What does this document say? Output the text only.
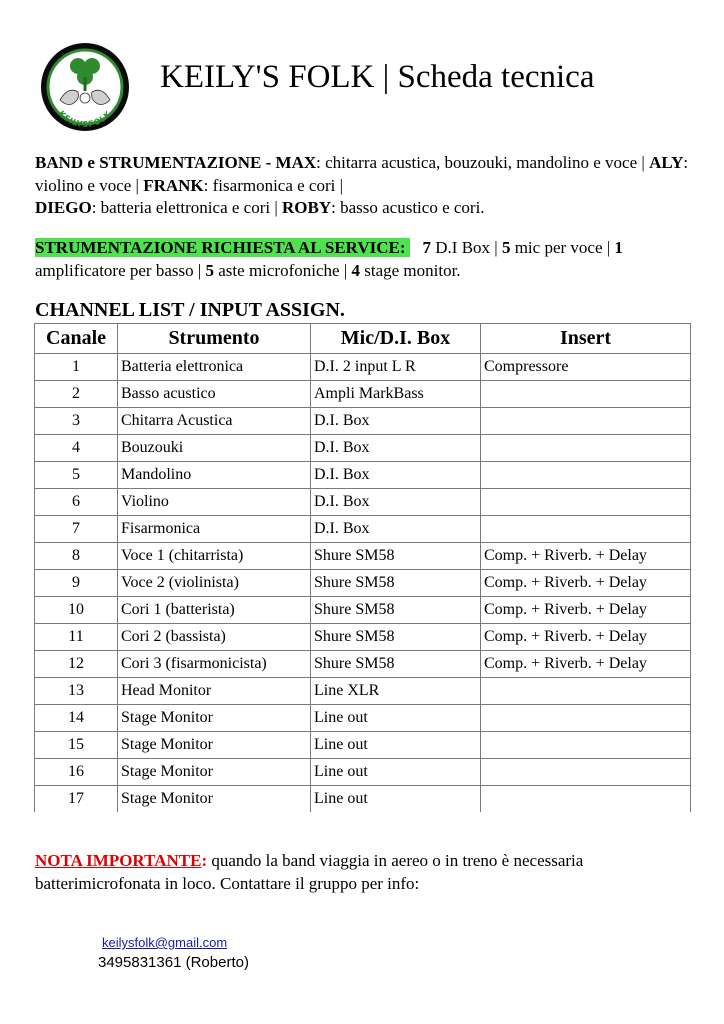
KEILYSFOLK
KEILY'S FOLK | Scheda tecnica

BAND e STRUMENTAZIONE - MAX: chitarra acustica, bouzouki, mandolino e voce | ALY: violino e voce | FRANK: fisarmonica e cori |
DIEGO: batteria elettronica e cori | ROBY: basso acustico e cori.

STRUMENTAZIONE RICHIESTA AL SERVICE:    7 D.I Box | 5 mic per voce | 1 amplificatore per basso | 5 aste microfoniche | 4 stage monitor.

CHANNEL LIST / INPUT ASSIGN.
Canale	Strumento	Mic/D.I. Box	Insert
1	Batteria elettronica	D.I. 2 input L R	Compressore
2	Basso acustico	Ampli MarkBass	
3	Chitarra Acustica	D.I. Box	
4	Bouzouki	D.I. Box	
5	Mandolino	D.I. Box	
6	Violino	D.I. Box	
7	Fisarmonica	D.I. Box	
8	Voce 1 (chitarrista)	Shure SM58	Comp. + Riverb. + Delay
9	Voce 2 (violinista)	Shure SM58	Comp. + Riverb. + Delay
10	Cori 1 (batterista)	Shure SM58	Comp. + Riverb. + Delay
11	Cori 2 (bassista)	Shure SM58	Comp. + Riverb. + Delay
12	Cori 3 (fisarmonicista)	Shure SM58	Comp. + Riverb. + Delay
13	Head Monitor	Line XLR	
14	Stage Monitor	Line out	
15	Stage Monitor	Line out	
16	Stage Monitor	Line out	
17	Stage Monitor	Line out	

NOTA IMPORTANTE: quando la band viaggia in aereo o in treno è necessaria batterimicrofonata in loco. Contattare il gruppo per info:

keilysfolk@gmail.com
3495831361 (Roberto)
